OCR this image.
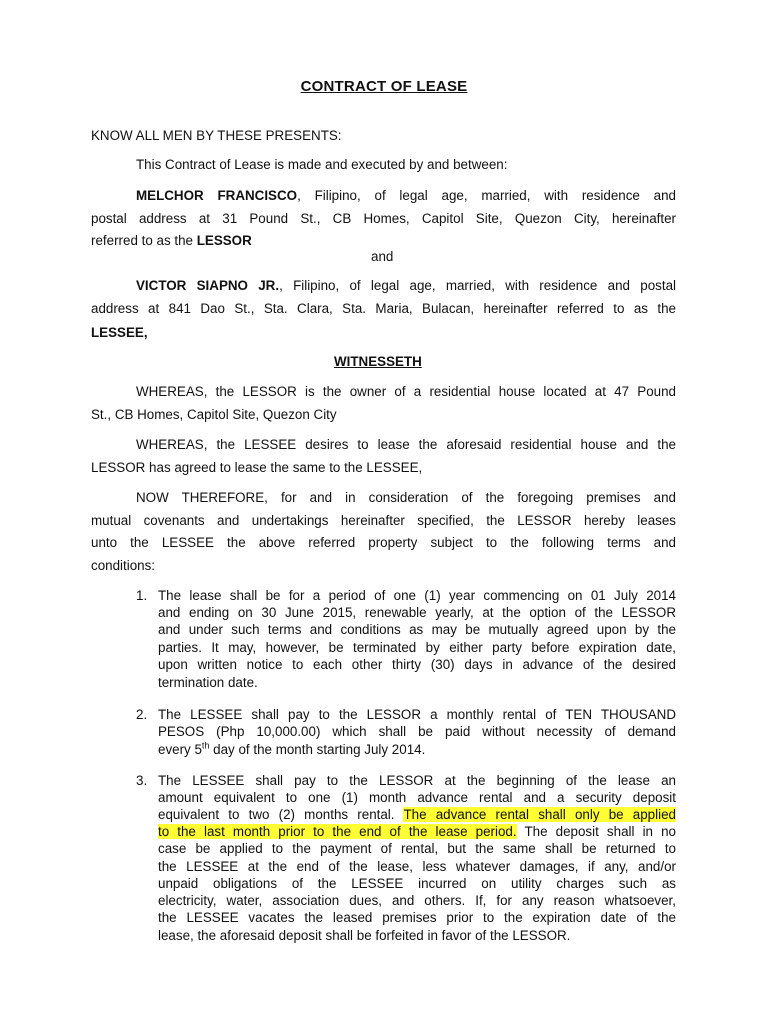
CONTRACT OF LEASE
KNOW ALL MEN BY THESE PRESENTS:
This Contract of Lease is made and executed by and between:
MELCHOR FRANCISCO, Filipino, of legal age, married, with residence and
postal address at 31 Pound St., CB Homes, Capitol Site, Quezon City, hereinafter
referred to as the LESSOR
and
VICTOR SIAPNO JR., Filipino, of legal age, married, with residence and postal
address at 841 Dao St., Sta. Clara, Sta. Maria, Bulacan, hereinafter referred to as the
LESSEE,
WITNESSETH
WHEREAS, the LESSOR is the owner of a residential house located at 47 Pound
St., CB Homes, Capitol Site, Quezon City
WHEREAS, the LESSEE desires to lease the aforesaid residential house and the
LESSOR has agreed to lease the same to the LESSEE,
NOW THEREFORE, for and in consideration of the foregoing premises and
mutual covenants and undertakings hereinafter specified, the LESSOR hereby leases
unto the LESSEE the above referred property subject to the following terms and
conditions:
1. The lease shall be for a period of one (1) year commencing on 01 July 2014
and ending on 30 June 2015, renewable yearly, at the option of the LESSOR
and under such terms and conditions as may be mutually agreed upon by the
parties. It may, however, be terminated by either party before expiration date,
upon written notice to each other thirty (30) days in advance of the desired
termination date.
2. The LESSEE shall pay to the LESSOR a monthly rental of TEN THOUSAND
PESOS (Php 10,000.00) which shall be paid without necessity of demand
every 5th day of the month starting July 2014.
3. The LESSEE shall pay to the LESSOR at the beginning of the lease an
amount equivalent to one (1) month advance rental and a security deposit
equivalent to two (2) months rental. The advance rental shall only be applied
to the last month prior to the end of the lease period. The deposit shall in no
case be applied to the payment of rental, but the same shall be returned to
the LESSEE at the end of the lease, less whatever damages, if any, and/or
unpaid obligations of the LESSEE incurred on utility charges such as
electricity, water, association dues, and others. If, for any reason whatsoever,
the LESSEE vacates the leased premises prior to the expiration date of the
lease, the aforesaid deposit shall be forfeited in favor of the LESSOR.
